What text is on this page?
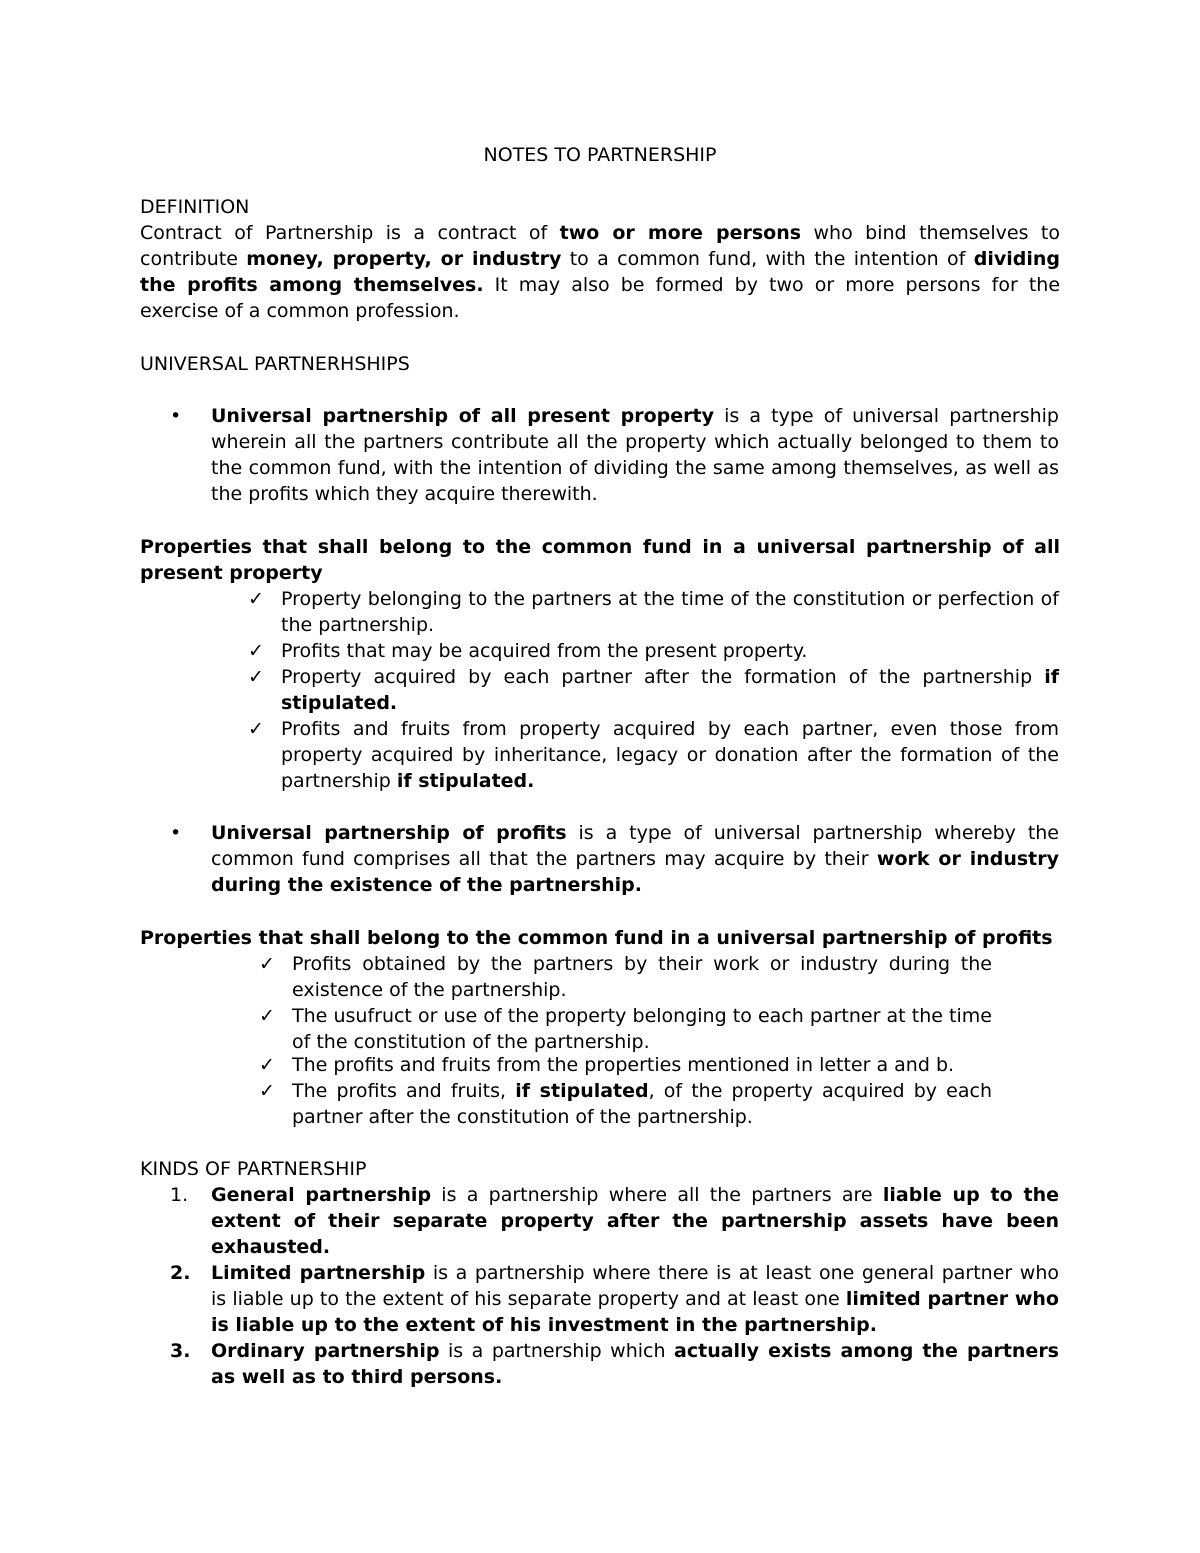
NOTES TO PARTNERSHIP
DEFINITION
Contract of Partnership is a contract of two or more persons who bind themselves to contribute money, property, or industry to a common fund, with the intention of dividing the profits among themselves. It may also be formed by two or more persons for the exercise of a common profession.
UNIVERSAL PARTNERHSHIPS
• Universal partnership of all present property is a type of universal partnership wherein all the partners contribute all the property which actually belonged to them to the common fund, with the intention of dividing the same among themselves, as well as the profits which they acquire therewith.
Properties that shall belong to the common fund in a universal partnership of all present property
✓ Property belonging to the partners at the time of the constitution or perfection of the partnership.
✓ Profits that may be acquired from the present property.
✓ Property acquired by each partner after the formation of the partnership if stipulated.
✓ Profits and fruits from property acquired by each partner, even those from property acquired by inheritance, legacy or donation after the formation of the partnership if stipulated.
• Universal partnership of profits is a type of universal partnership whereby the common fund comprises all that the partners may acquire by their work or industry during the existence of the partnership.
Properties that shall belong to the common fund in a universal partnership of profits
✓ Profits obtained by the partners by their work or industry during the existence of the partnership.
✓ The usufruct or use of the property belonging to each partner at the time of the constitution of the partnership.
✓ The profits and fruits from the properties mentioned in letter a and b.
✓ The profits and fruits, if stipulated, of the property acquired by each partner after the constitution of the partnership.
KINDS OF PARTNERSHIP
1. General partnership is a partnership where all the partners are liable up to the extent of their separate property after the partnership assets have been exhausted.
2. Limited partnership is a partnership where there is at least one general partner who is liable up to the extent of his separate property and at least one limited partner who is liable up to the extent of his investment in the partnership.
3. Ordinary partnership is a partnership which actually exists among the partners as well as to third persons.
